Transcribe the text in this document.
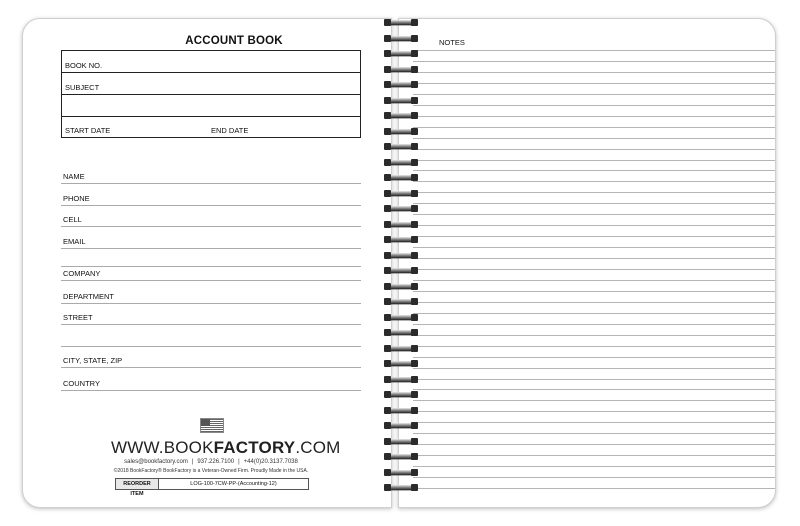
ACCOUNT BOOK
BOOK NO.
SUBJECT
START DATE	END DATE
NAME
PHONE
CELL
EMAIL
COMPANY
DEPARTMENT
STREET
CITY, STATE, ZIP
COUNTRY
WWW.BOOKFACTORY.COM
sales@bookfactory.com | 937.226.7100 | +44(0)20.3137.7038
©2018 BookFactory® BookFactory is a Veteran-Owned Firm. Proudly Made in the USA.
REORDER ITEM
LOG-100-7CW-PP-(Accounting-12)
NOTES
